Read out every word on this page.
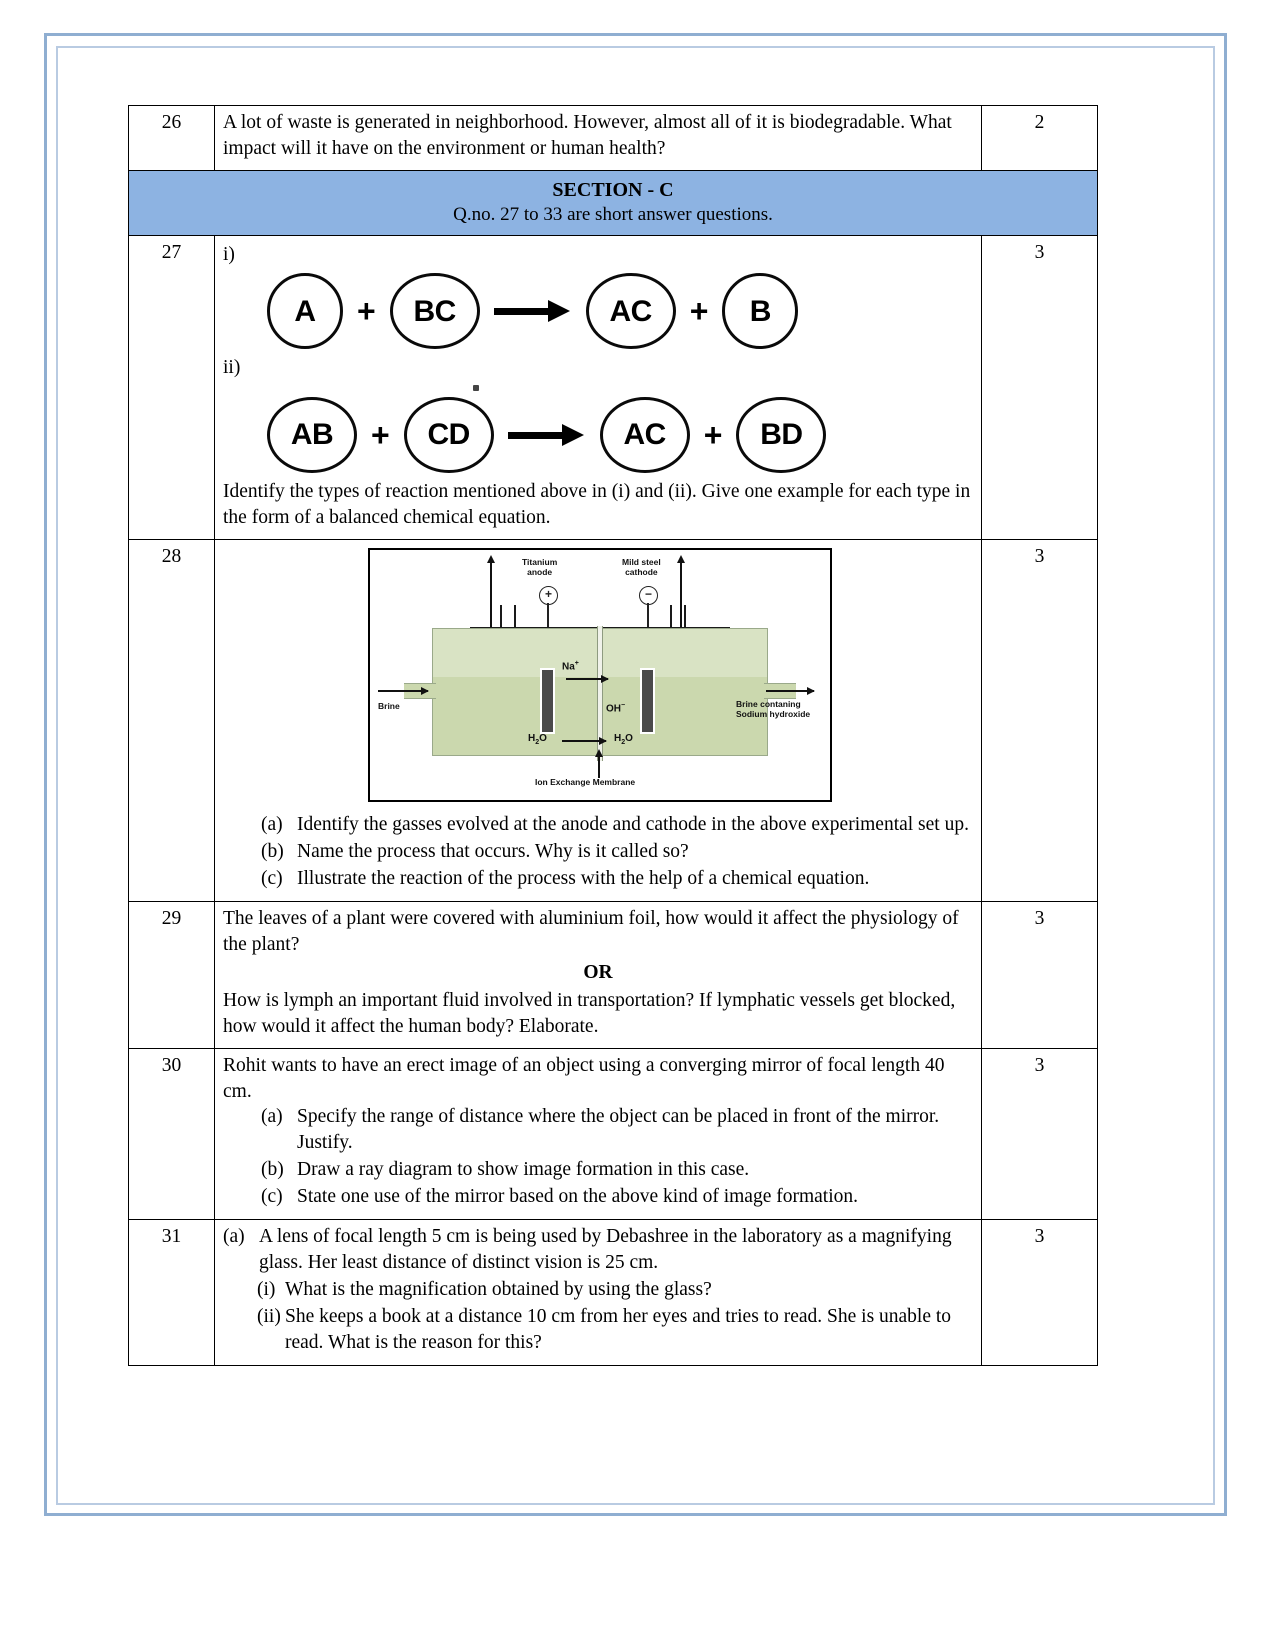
26	A lot of waste is generated in neighborhood. However, almost all of it is biodegradable. What impact will it have on the environment or human health?	2

SECTION - C
Q.no. 27 to 33 are short answer questions.		

27	i)
A	+	BC	AC	+	B
ii)
AB	+	CD	AC	+	BD

Identify the types of reaction mentioned above in (i) and (ii). Give one example for each type in the form of a balanced chemical equation.

	3
28	Titanium
anode
Mild steel
cathode
+	−
Na+
OH−
$H_2O$	$H_2O$
Brine	Brine contaning
Sodium hydroxide
Ion Exchange Membrane
(a) Identify the gasses evolved at the anode and cathode in the above experimental set up.
(b) Name the process that occurs. Why is it called so?
(c) Illustrate the reaction of the process with the help of a chemical equation.
	3
29	The leaves of a plant were covered with aluminium foil, how would it affect the physiology of the plant?

OR

How is lymph an important fluid involved in transportation? If lymphatic vessels get blocked, how would it affect the human body? Elaborate.	3
30	Rohit wants to have an erect image of an object using a converging mirror of focal length 40 cm.

(a) Specify the range of distance where the object can be placed in front of the mirror. Justify.
(b) Draw a ray diagram to show image formation in this case.
(c) State one use of the mirror based on the above kind of image formation.
	3
31	(a) A lens of focal length 5 cm is being used by Debashree in the laboratory as a magnifying glass. Her least distance of distinct vision is 25 cm.
(i) What is the magnification obtained by using the glass?
(ii) She keeps a book at a distance 10 cm from her eyes and tries to read. She is unable to read. What is the reason for this?
	3
